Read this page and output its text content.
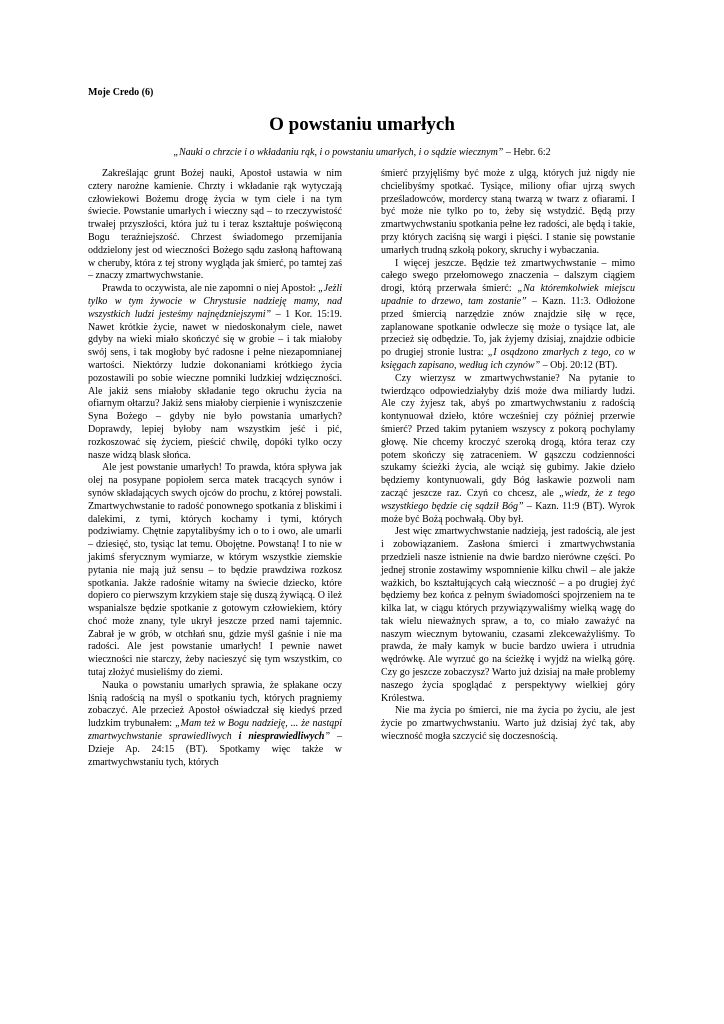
Moje Credo (6)
O powstaniu umarłych
„Nauki o chrzcie i o wkładaniu rąk, i o powstaniu umarłych, i o sądzie wiecznym” – Hebr. 6:2

Zakreślając grunt Bożej nauki, Apostoł ustawia w nim cztery narożne kamienie. Chrzty i wkładanie rąk wytyczają człowiekowi Bożemu drogę życia w tym ciele i na tym świecie. Powstanie umarłych i wieczny sąd – to rzeczywistość trwałej przyszłości, która już tu i teraz kształtuje poświęconą Bogu teraźniejszość. Chrzest świadomego przemijania oddzielony jest od wieczności Bożego sądu zasłoną haftowaną w cheruby, która z tej strony wygląda jak śmierć, po tamtej zaś – znaczy zmartwychwstanie.

Prawda to oczywista, ale nie zapomni o niej Apostoł: „Jeżli tylko w tym żywocie w Chrystusie nadzieję mamy, nad wszystkich ludzi jesteśmy najnędzniejszymi” – 1 Kor. 15:19. Nawet krótkie życie, nawet w niedoskonałym ciele, nawet gdyby na wieki miało skończyć się w grobie – i tak miałoby swój sens, i tak mogłoby być radosne i pełne niezapomnianej wartości. Niektórzy ludzie dokonaniami krótkiego życia pozostawili po sobie wieczne pomniki ludzkiej wdzięczności. Ale jakiż sens miałoby składanie tego okruchu życia na ofiarnym ołtarzu? Jakiż sens miałoby cierpienie i wyniszczenie Syna Bożego – gdyby nie było powstania umarłych? Doprawdy, lepiej byłoby nam wszystkim jeść i pić, rozkoszować się życiem, pieścić chwilę, dopóki tylko oczy nasze widzą blask słońca.

Ale jest powstanie umarłych! To prawda, która spływa jak olej na posypane popiołem serca matek tracących synów i synów składających swych ojców do prochu, z której powstali. Zmartwychwstanie to radość ponownego spotkania z bliskimi i dalekimi, z tymi, których kochamy i tymi, których podziwiamy. Chętnie zapytalibyśmy ich o to i owo, ale umarli – dziesięć, sto, tysiąc lat temu. Obojętne. Powstaną! I to nie w jakimś sferycznym wymiarze, w którym wszystkie ziemskie pytania nie mają już sensu – to będzie prawdziwa rozkosz spotkania. Jakże radośnie witamy na świecie dziecko, które dopiero co pierwszym krzykiem staje się duszą żywiącą. O ileż wspanialsze będzie spotkanie z gotowym człowiekiem, który choć może znany, tyle ukrył jeszcze przed nami tajemnic. Zabrał je w grób, w otchłań snu, gdzie myśl gaśnie i nie ma radości. Ale jest powstanie umarłych! I pewnie nawet wieczności nie starczy, żeby nacieszyć się tym wszystkim, co tutaj złożyć musieliśmy do ziemi.

Nauka o powstaniu umarłych sprawia, że spłakane oczy lśnią radością na myśl o spotkaniu tych, których pragniemy zobaczyć. Ale przecież Apostoł oświadczał się kiedyś przed ludzkim trybunałem: „Mam też w Bogu nadzieję, ... że nastąpi zmartwychwstanie sprawiedliwych i niesprawiedliwych” – Dzieje Ap. 24:15 (BT). Spotkamy więc także w zmartwychwstaniu tych, których

śmierć przyjęliśmy być może z ulgą, których już nigdy nie chcielibyśmy spotkać. Tysiące, miliony ofiar ujrzą swych prześladowców, mordercy staną twarzą w twarz z ofiarami. I być może nie tylko po to, żeby się wstydzić. Będą przy zmartwychwstaniu spotkania pełne łez radości, ale będą i takie, przy których zaciśną się wargi i pięści. I stanie się powstanie umarłych trudną szkołą pokory, skruchy i wybaczania.

I więcej jeszcze. Będzie też zmartwychwstanie – mimo całego swego przełomowego znaczenia – dalszym ciągiem drogi, którą przerwała śmierć: „Na któremkolwiek miejscu upadnie to drzewo, tam zostanie” – Kazn. 11:3. Odłożone przed śmiercią narzędzie znów znajdzie siłę w ręce, zaplanowane spotkanie odwlecze się może o tysiące lat, ale przecież się odbędzie. To, jak żyjemy dzisiaj, znajdzie odbicie po drugiej stronie lustra: „I osądzono zmarłych z tego, co w księgach zapisano, według ich czynów” – Obj. 20:12 (BT).

Czy wierzysz w zmartwychwstanie? Na pytanie to twierdząco odpowiedziałyby dziś może dwa miliardy ludzi. Ale czy żyjesz tak, abyś po zmartwychwstaniu z radością kontynuował dzieło, które wcześniej czy później przerwie śmierć? Przed takim pytaniem wszyscy z pokorą pochylamy głowę. Nie chcemy kroczyć szeroką drogą, która teraz czy potem skończy się zatraceniem. W gąszczu codzienności szukamy ścieżki życia, ale wciąż się gubimy. Jakie dzieło będziemy kontynuowali, gdy Bóg łaskawie pozwoli nam zacząć jeszcze raz. Czyń co chcesz, ale „wiedz, że z tego wszystkiego będzie cię sądził Bóg” – Kazn. 11:9 (BT). Wyrok może być Bożą pochwałą. Oby był.

Jest więc zmartwychwstanie nadzieją, jest radością, ale jest i zobowiązaniem. Zasłona śmierci i zmartwychwstania przedzieli nasze istnienie na dwie bardzo nierówne części. Po jednej stronie zostawimy wspomnienie kilku chwil – ale jakże ważkich, bo kształtujących całą wieczność – a po drugiej żyć będziemy bez końca z pełnym świadomości spojrzeniem na te kilka lat, w ciągu których przywiązywaliśmy wielką wagę do tak wielu nieważnych spraw, a to, co miało zaważyć na naszym wiecznym bytowaniu, czasami zlekceważyliśmy. To prawda, że mały kamyk w bucie bardzo uwiera i utrudnia wędrówkę. Ale wyrzuć go na ścieżkę i wyjdź na wielką górę. Czy go jeszcze zobaczysz? Warto już dzisiaj na małe problemy naszego życia spoglądać z perspektywy wielkiej góry Królestwa.

Nie ma życia po śmierci, nie ma życia po życiu, ale jest życie po zmartwychwstaniu. Warto już dzisiaj żyć tak, aby wieczność mogła szczycić się doczesnością.
